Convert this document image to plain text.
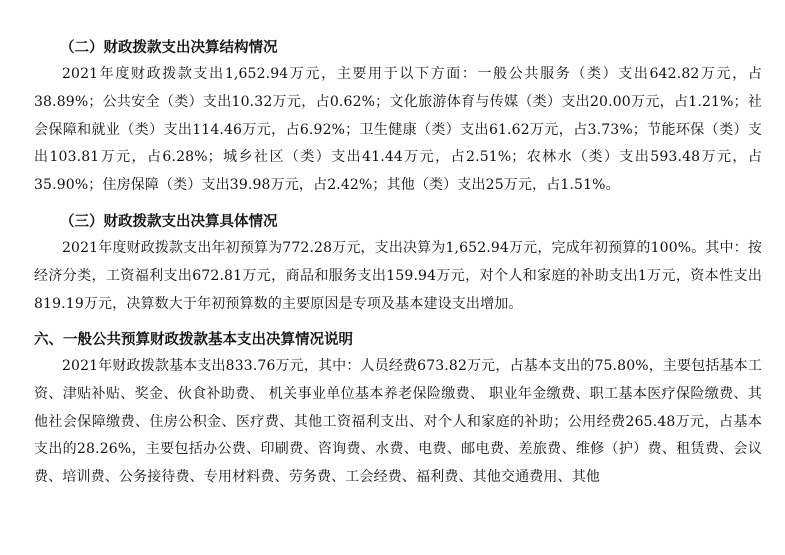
（二）财政拨款支出决算结构情况
2021年度财政拨款支出1,652.94万元，主要用于以下方面：一般公共服务（类）支出642.82万元，占38.89%；公共安全（类）支出10.32万元，占0.62%；文化旅游体育与传媒（类）支出20.00万元，占1.21%；社会保障和就业（类）支出114.46万元，占6.92%；卫生健康（类）支出61.62万元，占3.73%；节能环保（类）支出103.81万元，占6.28%；城乡社区（类）支出41.44万元，占2.51%；农林水（类）支出593.48万元，占35.90%；住房保障（类）支出39.98万元，占2.42%；其他（类）支出25万元，占1.51%。
（三）财政拨款支出决算具体情况
2021年度财政拨款支出年初预算为772.28万元，支出决算为1,652.94万元，完成年初预算的100%。其中：按经济分类，工资福利支出672.81万元，商品和服务支出159.94万元，对个人和家庭的补助支出1万元，资本性支出819.19万元，决算数大于年初预算数的主要原因是专项及基本建设支出增加。
六、一般公共预算财政拨款基本支出决算情况说明
2021年财政拨款基本支出833.76万元，其中：人员经费673.82万元，占基本支出的75.80%，主要包括基本工资、津贴补贴、奖金、伙食补助费、 机关事业单位基本养老保险缴费、 职业年金缴费、职工基本医疗保险缴费、其他社会保障缴费、住房公积金、医疗费、其他工资福利支出、对个人和家庭的补助；公用经费265.48万元，占基本支出的28.26%，主要包括办公费、印刷费、咨询费、水费、电费、邮电费、差旅费、维修（护）费、租赁费、会议费、培训费、公务接待费、专用材料费、劳务费、工会经费、福利费、其他交通费用、其他
